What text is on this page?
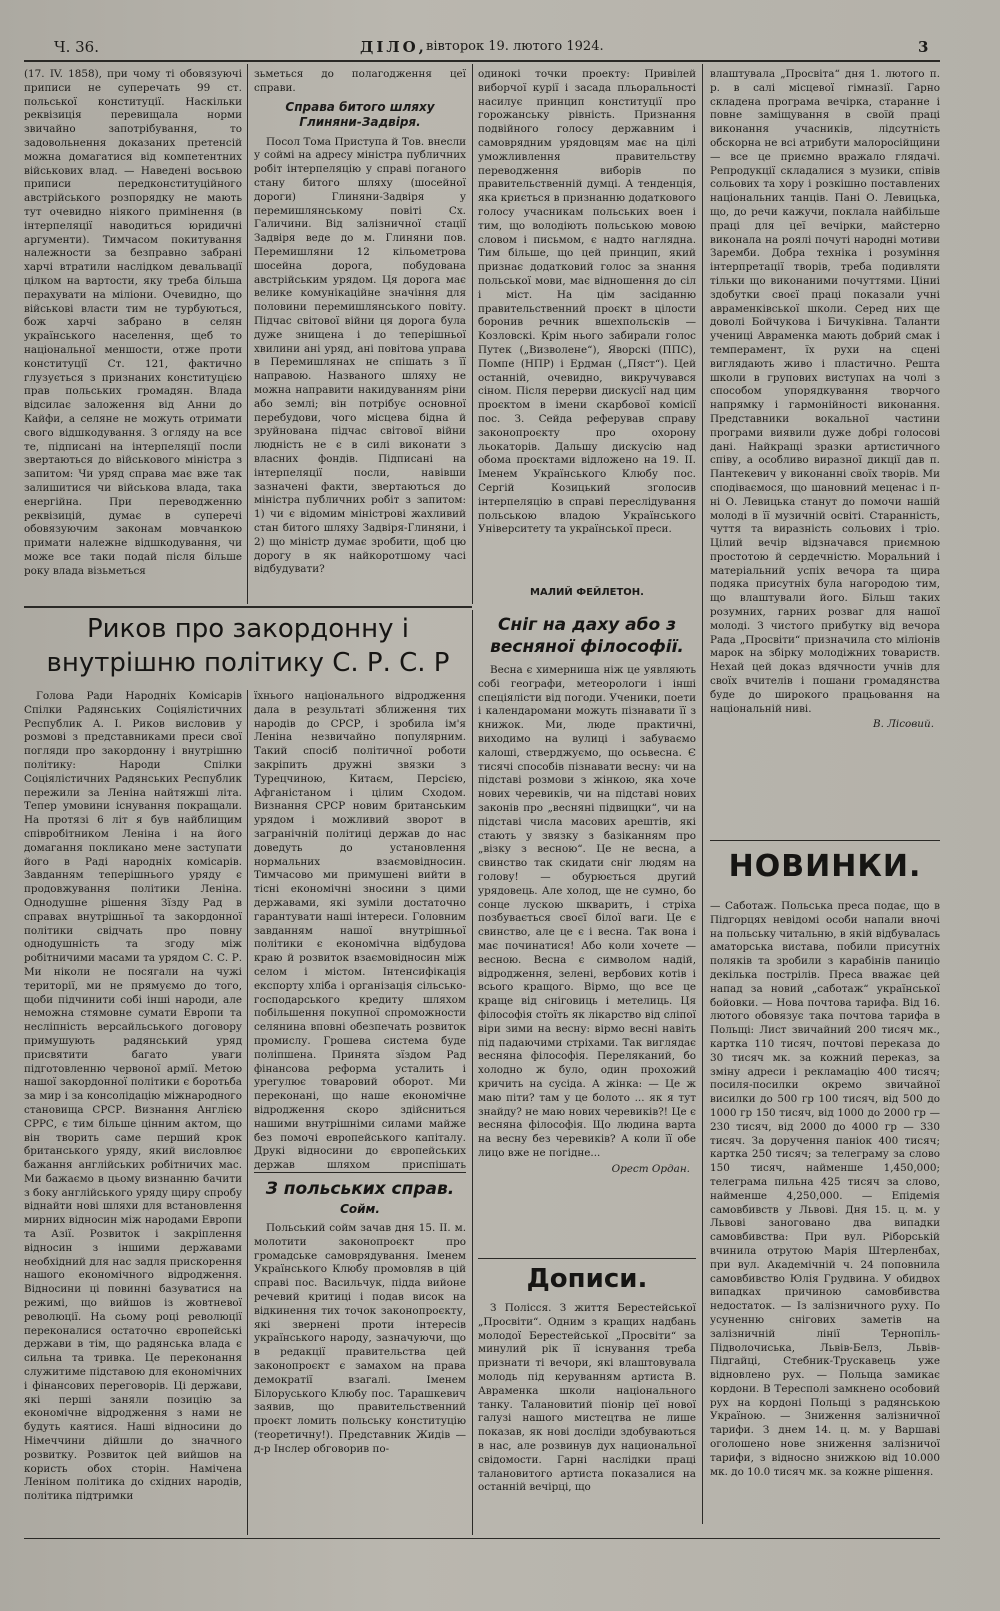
Ч. 36.	ДІЛО, вівторок 19. лютого 1924.	3

(17. IV. 1858), при чому ті обовязуючі приписи не суперечать 99 ст. польської конституції. Наскільки реквізиція перевищала норми звичайно запотрібування, то задовольнення доказаних претенсій можна домагатися від компетентних військових влад. — Наведені восьвою приписи передконституційного австрійського розпорядку не мають тут очевидно ніякого примінення (в інтерпеляції наводиться юридичні аргументи). Тимчасом покитування належности за безправно забрані харчі втратили наслідком девальвації цілком на вартости, яку треба більша перахувати на міліони. Очевидно, що військові власти тим не турбуються, бож харчі забрано в селян українського населення, щеб то національної меншости, отже проти конституції Ст. 121, фактично глузується з признаних конституцією прав польських громадян. Влада відсилає заложення від Анни до Кайфи, а селяне не можуть отримати свого відшкодування. З огляду на все те, підписані на інтерпеляції посли звертаються до військового міністра з запитом: Чи уряд справа має вже так залишитися чи військова влада, така енергійна. При переводженню реквізицій, думає в суперечі обовязуючим законам мовчанкою примати належне відшкодування, чи може все таки подай після більше року влада візьметься

зьметься до полагодження цеї справи.

Справа битого шляху Глиняни-Задвіря.

Посол Тома Приступа й Тов. внесли у соймі на адресу міністра публичних робіт інтерпеляцію у справі поганого стану битого шляху (шосейної дороги) Глиняни-Задвіря у перемишлянському повіті Сх. Галичини. Від залізничної стації Задвіря веде до м. Глиняни пов. Перемишляни 12 кільометрова шосейна дорога, побудована австрійським урядом. Ця дорога має велике комунікаційне значіння для половини перемишлянського повіту. Підчас світової війни ця дорога була дуже знищена і до теперішньої хвилини ані уряд, ані повітова управа в Перемишлянах не спішать з її направою. Названого шляху не можна направити накидуванням ріни або землі; він потрібує основної перебудови, чого місцева бідна й зруйнована підчас світової війни людність не є в силі виконати з власних фондів. Підписані на інтерпеляції посли, навівши зазначені факти, звертаються до міністра публичних робіт з запитом: 1) чи є відомим міністрові жахливий стан битого шляху Задвіря-Глиняни, і 2) що міністр думає зробити, щоб цю дорогу в як найкоротшому часі відбудувати?

одинокі точки проекту: Привілей виборчої курії і засада пльоральності насилує принцип конституції про горожанську рівність. Признання подвійного голосу державним і самоврядним урядовцям має на цілі уможливлення правительству переводження виборів по правительственній думці. А тенденція, яка криється в признанню додаткового голосу учасникам польських воен і тим, що володіють польською мовою словом і письмом, є надто наглядна. Тим більше, що цей принцип, який признає додатковий голос за знання польської мови, має відношення до сіл і міст. На цім засіданню правительственний проєкт в цілости боронив речник вшехпольсків — Козловскі. Крім нього забирали голос Путек („Визволене“), Яворскі (ППС), Помпе (НПР) і Ердман („Пяст“). Цей останній, очевидно, викручувався сіном. Після перерви дискусії над цим проєктом в імени скарбової комісії пос. З. Сейда реферував справу законопроєкту про охорону льокаторів. Дальшу дискусію над обома проєктами відложено на 19. II. Іменем Українського Клюбу пос. Сергій Козицький зголосив інтерпеляцію в справі переслідування польською владою Українського Університету та української преси.

МАЛИЙ ФЕЙЛЕТОН.

влаштувала „Просвіта“ дня 1. лютого п. р. в салі місцевої гімназії. Гарно складена програма вечірка, старанне і повне заміщування в своїй праці виконання учасників, лідсутність обскорна не всі атрибути малоросійщини — все це приємно вражало глядачі. Репродукції складалися з музики, співів сольових та хору і розкішно поставлених національних танців. Пані О. Левицька, що, до речи кажучи, поклала найбільше праці для цеї вечірки, майстерно виконала на роялі почуті народні мотиви Заремби. Добра техніка і розуміння інтерпретації творів, треба подивляти тільки що виконаними почуттями. Ціниі здобутки своєї праці показали учні авраменківської школи. Серед них ще доволі Бойчукова і Бичуківна. Таланти учениці Авраменка мають добрий смак і темперамент, їх рухи на сцені виглядають живо і пластично. Решта школи в групових виступах на чолі з способом упорядкування творчого напрямку і гармонійності виконання. Представники вокальної частини програми виявили дуже добрі голосові дані. Найкращі зразки артистичного співу, а особливо виразної дикції дав п. Пантекевич у виконанні своїх творів. Ми сподіваємося, що шановний меценас і п-ні О. Левицька станут до помочи нашій молоді в її музичній освіті. Старанність, чуття та виразність сольових і тріо. Цілий вечір відзначався приємною простотою й сердечністю. Моральний і матеріальний успіх вечора та щира подяка присутніх була нагородою тим, що влаштували його. Більш таких розумних, гарних розваг для нашої молоді. З чистого прибутку від вечора Рада „Просвіти“ призначила сто міліонів марок на збірку молодіжних товариств. Нехай цей доказ вдячности учнів для своїх вчителів і пошани громадянства буде до широкого працьовання на національній ниві.

В. Лісовий.
Риков про закордонну і внутрішню політику С. Р. С. Р

Голова Ради Народніх Комісарів Спілки Радянських Соціялістичних Республик А. І. Риков висловив у розмові з представниками преси свої погляди про закордонну і внутрішню політику: Народи Спілки Соціялістичних Радянських Республик пережили за Леніна найтяжші літа. Тепер умовини існування покращали. На протязі 6 літ я був найблищим співробітником Леніна і на його домагання покликано мене заступати його в Раді народніх комісарів. Завданням теперішнього уряду є продовжування політики Леніна. Однодушне рішення Зїзду Рад в справах внутрішньої та закордонної політики свідчать про повну однодушність та згоду між робітничими масами та урядом С. С. Р. Ми ніколи не посягали на чужі території, ми не прямуємо до того, щоби підчинити собі інші народи, але неможна стямовне сумати Европи та несліпність версайльського договору примушують радянський уряд присвятити багато уваги підготовленню червоної армії. Метою нашої закордонної політики є боротьба за мир і за консолідацію міжнародного становища СРСР. Визнання Англією СРРС, є тим більше цінним актом, що він творить саме перший крок британського уряду, який висловлює бажання англійських робітничих мас. Ми бажаємо в цьому визнанню бачити з боку англійського уряду щиру спробу віднайти нові шляхи для встановлення мирних відносин між народами Европи та Азії. Розвиток і закріплення відносин з іншими державами необхідний для нас задля прискорення нашого економічного відродження. Відносини ці повинні базуватися на режимі, що вийшов із жовтневої революції. На сьому році революції переконалися остаточно європейські держави в тім, що радянська влада є сильна та тривка. Це переконання служитиме підставою для економічних і фінансових переговорів. Ці держави, які перші заняли позицію за економічне відродження з нами не будуть каятися. Наші відносини до Німеччини дійшли до значного розвитку. Розвиток цей вийшов на користь обох сторін. Намічена Леніном політика до східних народів, політика підтримки

їхнього національного відродження дала в результаті зближення тих народів до СРСР, і зробила ім'я Леніна незвичайно популярним. Такий спосіб політичної роботи закріпить дружні звязки з Турецчиною, Китаєм, Персією, Афганістаном і цілим Сходом. Визнання СРСР новим британським урядом і можливий зворот в загранічній політиці держав до нас доведуть до установлення нормальних взаємовідносин. Тимчасово ми примушені вийти в тісні економічні зносини з цими державами, які зуміли достаточно гарантувати наші інтереси. Головним завданням нашої внутрішньої політики є економічна відбудова краю й розвиток взаємовідносин між селом і містом. Інтенсифікація експорту хліба і організація сільсько-господарського кредиту шляхом побільшення покупної спроможности селянина вповні обезпечать розвиток промислу. Грошева система буде поліпшена. Принята зїздом Рад фінансова реформа усталить і урегулює товаровий оборот. Ми переконані, що наше економічне відродження скоро здійсниться нашими внутрішніми силами майже без помочі европейського капіталу. Друкі відносини до європейських держав шляхом приспішать

З польських справ.
Сойм.

Польський сойм зачав дня 15. II. м. молотити законопроєкт про громадське самоврядування. Іменем Українського Клюбу промовляв в цій справі пос. Васильчук, підда вийоне речевий критиці і подав висок на відкинення тих точок законопроєкту, які звернені проти інтересів українського народу, зазначуючи, що в редакції правительства цей законопроєкт є замахом на права демократії взагалі. Іменем Білоруського Клюбу пос. Тарашкевич заявив, що правительственний проєкт ломить польську конституцію (теоретичну!). Представник Жидів — д-р Інслер обговорив по-

Сніг на даху або з весняної філософії.

Весна є химерниша ніж це уявляють собі географи, метеорологи і інші спеціялісти від погоди. Ученики, поети і календаромани можуть пізнавати її з книжок. Ми, люде практичні, виходимо на вулиці і забуваємо калоші, стверджуємо, що осьвесна. Є тисячі способів пізнавати весну: чи на підставі розмови з жінкою, яка хоче нових черевиків, чи на підставі нових законів про „весняні підвищки“, чи на підставі числа масових арештів, які стають у звязку з базіканням про „візку з весною“. Це не весна, а свинство так скидати сніг людям на голову! — обурюється другий урядовець. Але холод, ще не сумно, бо сонце лускою шкварить, і стріха позбувається своєї білої ваги. Це є свинство, але це є і весна. Так вона і має починатися! Або коли хочете — весною. Весна є символом надій, відродження, зелені, вербових котів і всього кращого. Вірмо, що все це краще від сніговиць і метелиць. Ця філософія стоїть як лікарство від сліпої віри зими на весну: вірмо весні навіть під падаючими стріхами. Так виглядає весняна філософія. Переляканий, бо холодно ж було, один прохожий кричить на сусіда. А жінка: — Це ж маю піти? там у це болото ... як я тут знайду? не маю нових черевиків?! Це є весняна філософія. Що людина варта на весну без черевиків? А коли її обе лицо вже не погідне...

Орест Ордан.
Дописи.

З Полісся. З життя Берестейської „Просвіти“. Одним з кращих надбань молодої Берестейської „Просвіти“ за минулий рік її існування треба признати ті вечори, які влаштовувала молодь під керуванням артиста В. Авраменка школи національного танку. Талановитий піонір цеї нової галузі нашого мистецтва не лише показав, як нові досліди здобуваються в нас, але розвинув дух национальної свідомости. Гарні наслідки праці талановитого артиста показалися на останній вечірці, що

НОВИНКИ.

— Саботаж. Польська преса подає, що в Підгорцях невідомі особи напали вночі на польську читальню, в якій відбувалась аматорська вистава, побили присутніх поляків та зробили з карабінів паниціо декілька пострілів. Преса вважає цей напад за новий „саботаж“ української бойовки. — Нова почтова тарифа. Від 16. лютого обовязує така почтова тарифа в Польщі: Лист звичайний 200 тисяч мк., картка 110 тисяч, почтові переказа до 30 тисяч мк. за кожний переказ, за зміну адреси і рекламацію 400 тисяч; посиля-посилки окремо звичайної висилки до 500 гр 100 тисяч, від 500 до 1000 гр 150 тисяч, від 1000 до 2000 гр — 230 тисяч, від 2000 до 4000 гр — 330 тисяч. За доручення паніок 400 тисяч; картка 250 тисяч; за телеграму за слово 150 тисяч, найменше 1,450,000; телеграма пильна 425 тисяч за слово, найменше 4,250,000. — Епідемія самовбивств у Львові. Дня 15. ц. м. у Львові заноговано два випадки самовбивства: При вул. Ріборській вчинила отрутою Марія Штерленбах, при вул. Академічній ч. 24 поповнила самовбивство Юлія Грудвина. У обидвох випадках причиною самовбивства недостаток. — Із залізничного руху. По усуненню снігових заметів на залізничній лінії Тернопіль-Підволочиська, Львів-Белз, Львів-Підгайці, Стебник-Трускавець уже відновлено рух. — Польща замикає кордони. В Тересполі замкнено особовий рух на кордоні Польщі з радянською Україною. — Зниження залізничної тарифи. З днем 14. ц. м. у Варшаві оголошено нове зниження залізничої тарифи, з відносно знижкою від 10.000 мк. до 10.0 тисяч мк. за кожне рішення.
